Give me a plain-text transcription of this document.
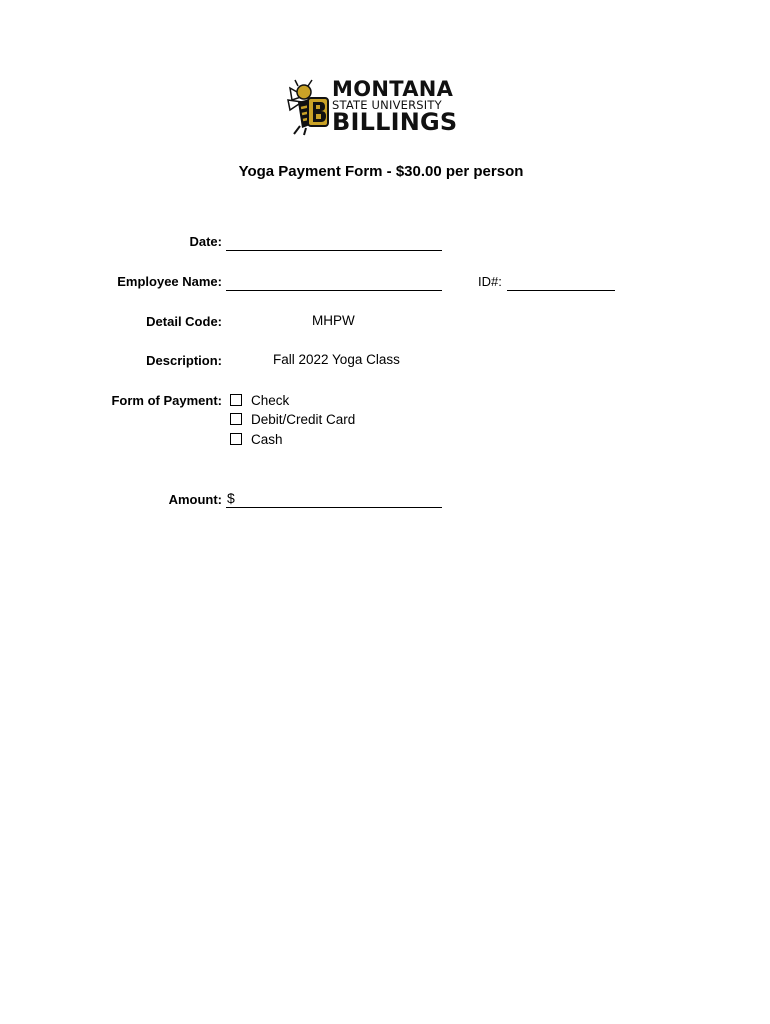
MONTANA
STATE UNIVERSITY
BILLINGS
Yoga Payment Form - $30.00 per person
Date:
Employee Name:	ID#:
Detail Code:	MHPW
Description:	Fall 2022 Yoga Class
Form of Payment: Check
Debit/Credit Card
Cash
Amount: $
